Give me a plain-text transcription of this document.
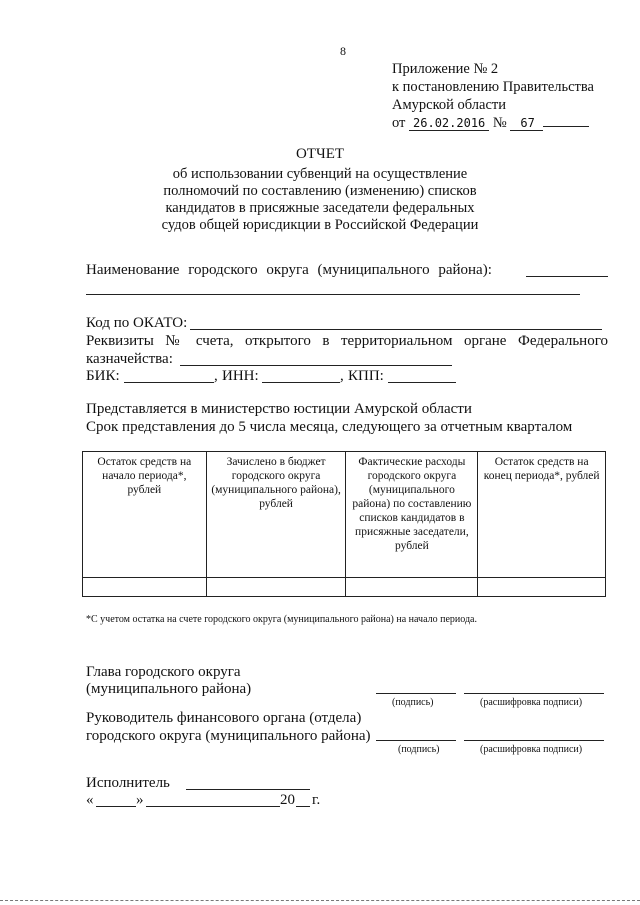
8
Приложение № 2
к постановлению Правительства
Амурской области
от 26.02.2016 № 67
ОТЧЕТ
об использовании субвенций на осуществление
полномочий по составлению (изменению) списков
кандидатов в присяжные заседатели федеральных
судов общей юрисдикции в Российской Федерации
Наименование городского округа (муниципального района):
Код по ОКАТО:
Реквизиты № счета, открытого в территориальном органе Федерального
казначейства:
БИК:	, ИНН:	, КПП:
Представляется в министерство юстиции Амурской области
Срок представления до 5 числа месяца, следующего за отчетным кварталом
Остаток средств на начало периода*, рублей	Зачислено в бюджет городского округа (муниципального района), рублей	Фактические расходы городского округа (муниципального района) по составлению списков кандидатов в присяжные заседатели, рублей	Остаток средств на конец периода*, рублей

*С учетом остатка на счете городского округа (муниципального района) на начало периода.
Глава городского округа
(муниципального района)
(подпись)	(расшифровка подписи)
Руководитель финансового органа (отдела)
городского округа (муниципального района)
(подпись)	(расшифровка подписи)
Исполнитель
«	»	20 г.
